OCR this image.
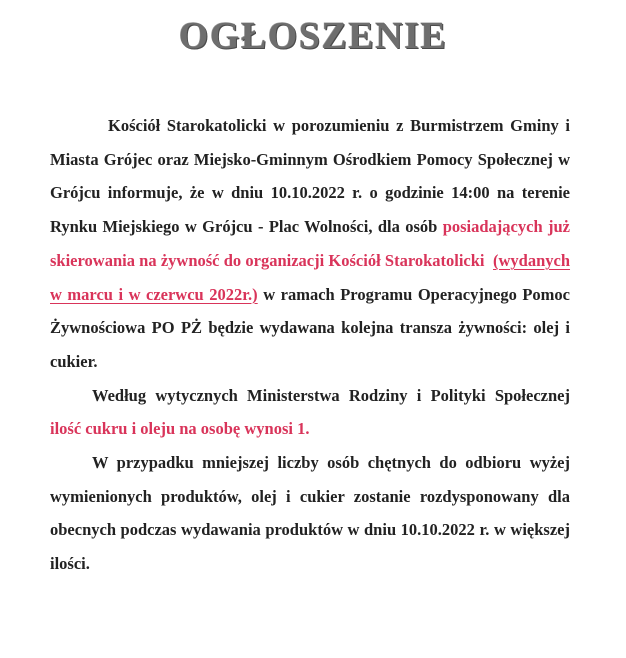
OGŁOSZENIE

Kościół Starokatolicki w porozumieniu z Burmistrzem Gminy i Miasta Grójec oraz Miejsko-Gminnym Ośrodkiem Pomocy Społecznej w Grójcu informuje, że w dniu 10.10.2022 r. o godzinie 14:00 na terenie Rynku Miejskiego w Grójcu - Plac Wolności, dla osób posiadających już skierowania na żywność do organizacji Kościół Starokatolicki (wydanych w marcu i w czerwcu 2022r.) w ramach Programu Operacyjnego Pomoc Żywnościowa PO PŻ będzie wydawana kolejna transza żywności: olej i cukier.

Według wytycznych Ministerstwa Rodziny i Polityki Społecznej ilość cukru i oleju na osobę wynosi 1.

W przypadku mniejszej liczby osób chętnych do odbioru wyżej wymienionych produktów, olej i cukier zostanie rozdysponowany dla obecnych podczas wydawania produktów w dniu 10.10.2022 r. w większej ilości.
